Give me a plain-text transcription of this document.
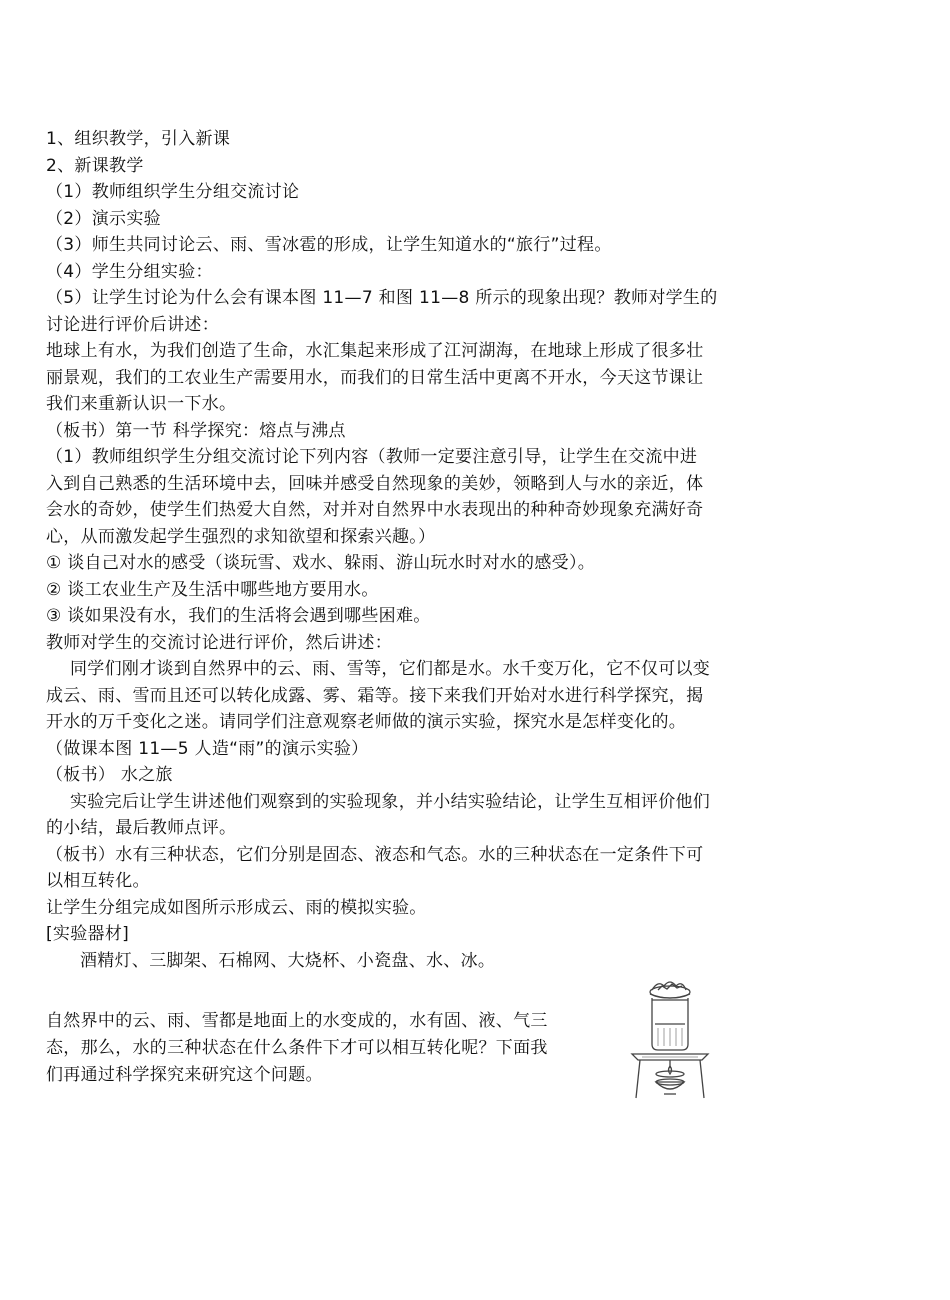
1、组织教学，引入新课
2、新课教学
（1）教师组织学生分组交流讨论
（2）演示实验
（3）师生共同讨论云、雨、雪冰雹的形成，让学生知道水的“旅行”过程。
（4）学生分组实验：
（5）让学生讨论为什么会有课本图 11—7 和图 11—8 所示的现象出现？教师对学生的
讨论进行评价后讲述：
地球上有水，为我们创造了生命，水汇集起来形成了江河湖海，在地球上形成了很多壮
丽景观，我们的工农业生产需要用水，而我们的日常生活中更离不开水，今天这节课让
我们来重新认识一下水。
（板书）第一节 科学探究：熔点与沸点
（1）教师组织学生分组交流讨论下列内容（教师一定要注意引导，让学生在交流中进
入到自己熟悉的生活环境中去，回味并感受自然现象的美妙，领略到人与水的亲近，体
会水的奇妙，使学生们热爱大自然，对并对自然界中水表现出的种种奇妙现象充满好奇
心，从而激发起学生强烈的求知欲望和探索兴趣。）
① 谈自己对水的感受（谈玩雪、戏水、躲雨、游山玩水时对水的感受）。
② 谈工农业生产及生活中哪些地方要用水。
③ 谈如果没有水，我们的生活将会遇到哪些困难。
教师对学生的交流讨论进行评价，然后讲述：
同学们刚才谈到自然界中的云、雨、雪等，它们都是水。水千变万化，它不仅可以变
成云、雨、雪而且还可以转化成露、雾、霜等。接下来我们开始对水进行科学探究，揭
开水的万千变化之迷。请同学们注意观察老师做的演示实验，探究水是怎样变化的。
（做课本图 11—5 人造“雨”的演示实验）
（板书） 水之旅
实验完后让学生讲述他们观察到的实验现象，并小结实验结论，让学生互相评价他们
的小结，最后教师点评。
（板书）水有三种状态，它们分别是固态、液态和气态。水的三种状态在一定条件下可
以相互转化。
让学生分组完成如图所示形成云、雨的模拟实验。
[实验器材]
酒精灯、三脚架、石棉网、大烧杯、小瓷盘、水、冰。
自然界中的云、雨、雪都是地面上的水变成的，水有固、液、气三
态，那么，水的三种状态在什么条件下才可以相互转化呢？下面我
们再通过科学探究来研究这个问题。
